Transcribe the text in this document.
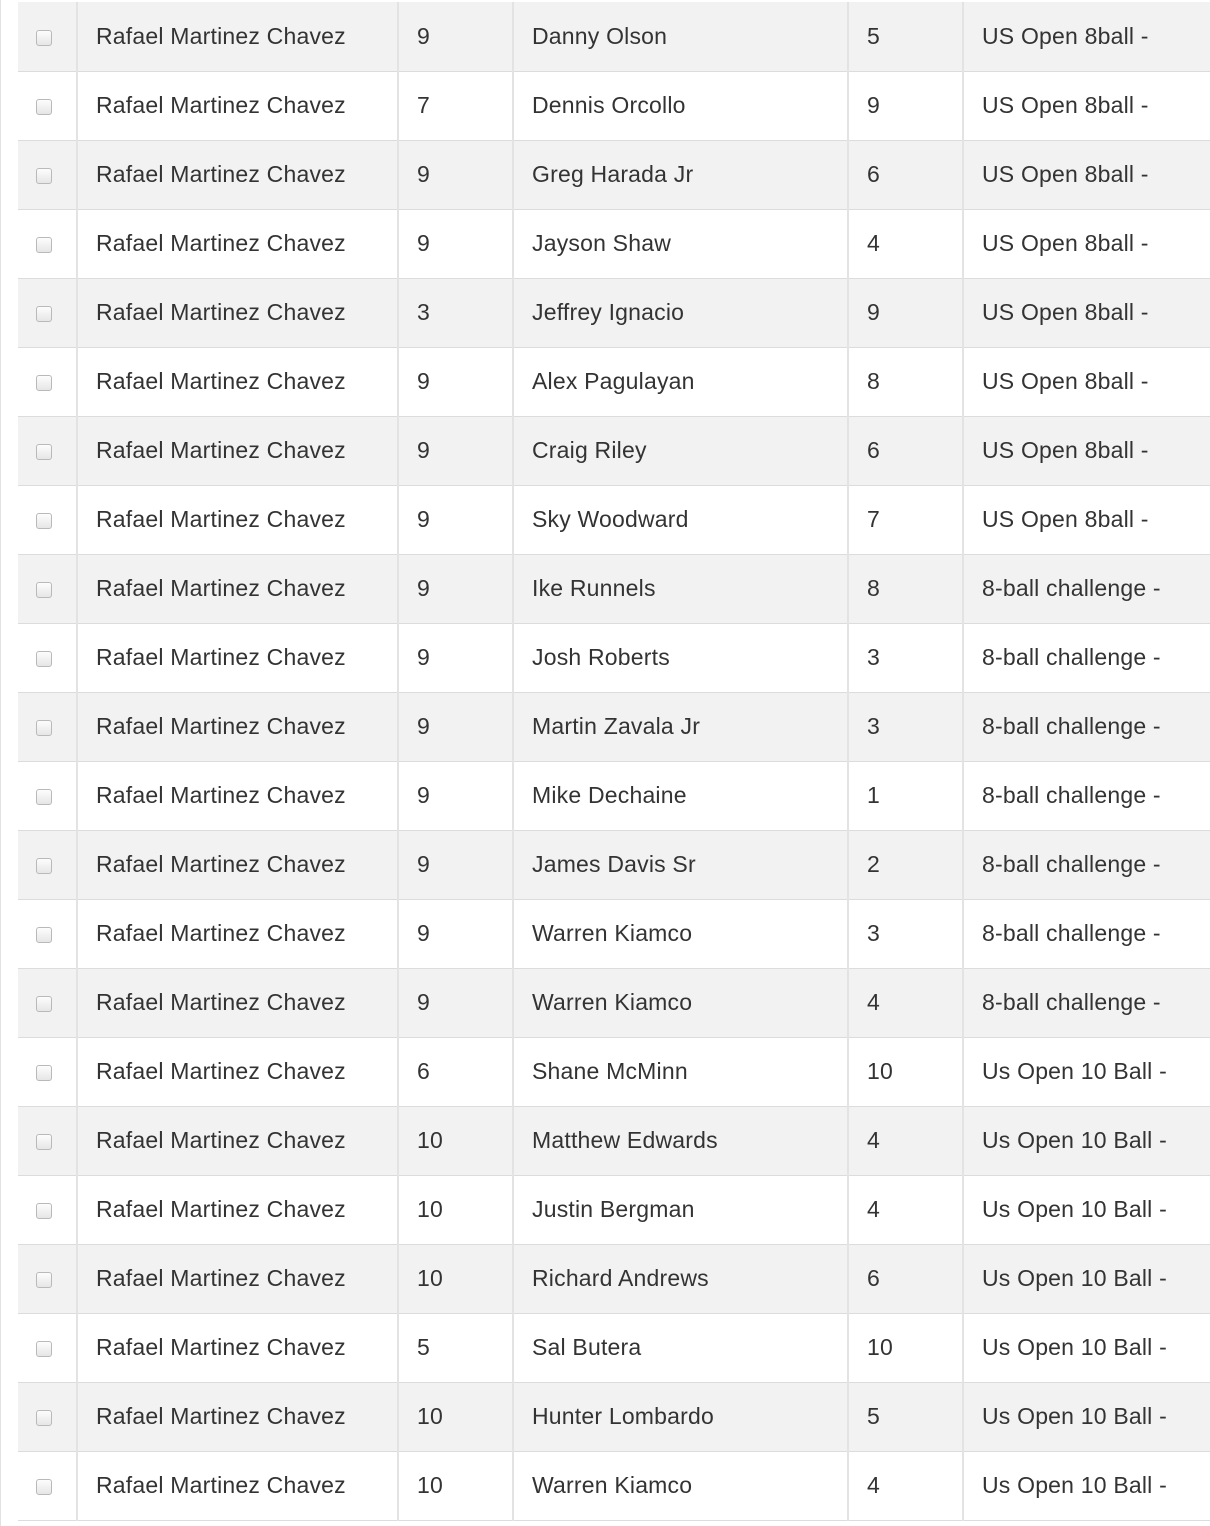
	Rafael Martinez Chavez	9	Danny Olson	5	US Open 8ball -
	Rafael Martinez Chavez	7	Dennis Orcollo	9	US Open 8ball -
	Rafael Martinez Chavez	9	Greg Harada Jr	6	US Open 8ball -
	Rafael Martinez Chavez	9	Jayson Shaw	4	US Open 8ball -
	Rafael Martinez Chavez	3	Jeffrey Ignacio	9	US Open 8ball -
	Rafael Martinez Chavez	9	Alex Pagulayan	8	US Open 8ball -
	Rafael Martinez Chavez	9	Craig Riley	6	US Open 8ball -
	Rafael Martinez Chavez	9	Sky Woodward	7	US Open 8ball -
	Rafael Martinez Chavez	9	Ike Runnels	8	8-ball challenge -
	Rafael Martinez Chavez	9	Josh Roberts	3	8-ball challenge -
	Rafael Martinez Chavez	9	Martin Zavala Jr	3	8-ball challenge -
	Rafael Martinez Chavez	9	Mike Dechaine	1	8-ball challenge -
	Rafael Martinez Chavez	9	James Davis Sr	2	8-ball challenge -
	Rafael Martinez Chavez	9	Warren Kiamco	3	8-ball challenge -
	Rafael Martinez Chavez	9	Warren Kiamco	4	8-ball challenge -
	Rafael Martinez Chavez	6	Shane McMinn	10	Us Open 10 Ball -
	Rafael Martinez Chavez	10	Matthew Edwards	4	Us Open 10 Ball -
	Rafael Martinez Chavez	10	Justin Bergman	4	Us Open 10 Ball -
	Rafael Martinez Chavez	10	Richard Andrews	6	Us Open 10 Ball -
	Rafael Martinez Chavez	5	Sal Butera	10	Us Open 10 Ball -
	Rafael Martinez Chavez	10	Hunter Lombardo	5	Us Open 10 Ball -
	Rafael Martinez Chavez	10	Warren Kiamco	4	Us Open 10 Ball -
